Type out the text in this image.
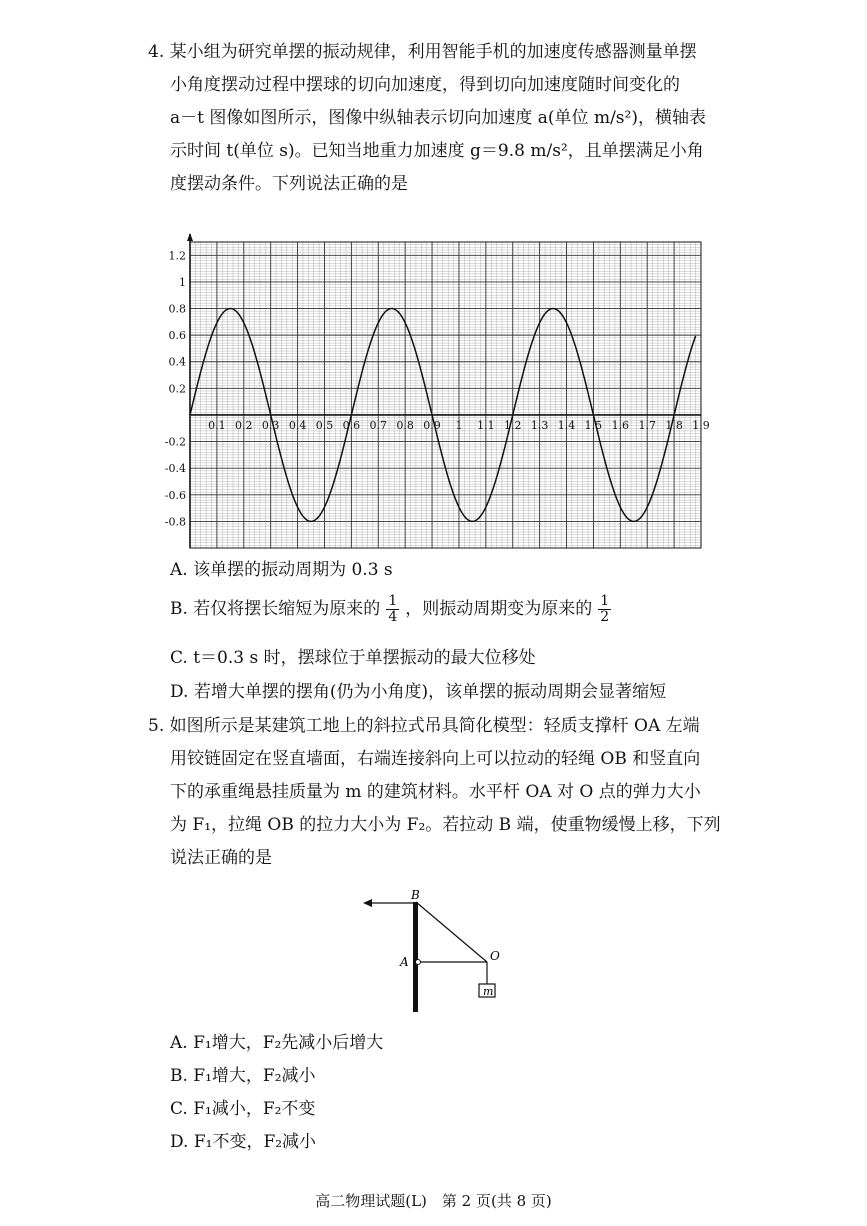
4. 某小组为研究单摆的振动规律，利用智能手机的加速度传感器测量单摆
小角度摆动过程中摆球的切向加速度，得到切向加速度随时间变化的
a－t 图像如图所示，图像中纵轴表示切向加速度 a(单位 m/s²)，横轴表
示时间 t(单位 s)。已知当地重力加速度 g＝9.8 m/s²，且单摆满足小角
度摆动条件。下列说法正确的是
0.1 0.2 0.3 0.4 0.5 0.6 0.7 0.8 0.9 1 1.1 1.2 1.3 1.4 1.5 1.6 1.7 1.8 1.9
1.2
1
0.8
0.6
0.4
0.2
-0.2
-0.4
-0.6
-0.8
A. 该单摆的振动周期为 0.3 s
B. 若仅将摆长缩短为原来的 $\frac{1}{4}$ ，则振动周期变为原来的 $\frac{1}{2}$
C. t＝0.3 s 时，摆球位于单摆振动的最大位移处
D. 若增大单摆的摆角(仍为小角度)，该单摆的振动周期会显著缩短
5. 如图所示是某建筑工地上的斜拉式吊具简化模型：轻质支撑杆 OA 左端
用铰链固定在竖直墙面，右端连接斜向上可以拉动的轻绳 OB 和竖直向
下的承重绳悬挂质量为 m 的建筑材料。水平杆 OA 对 O 点的弹力大小
为 F₁，拉绳 OB 的拉力大小为 F₂。若拉动 B 端，使重物缓慢上移，下列
说法正确的是
B
A	O
m
A. F₁增大，F₂先减小后增大
B. F₁增大，F₂减小
C. F₁减小，F₂不变
D. F₁不变，F₂减小
高二物理试题(L)　第 2 页(共 8 页)
